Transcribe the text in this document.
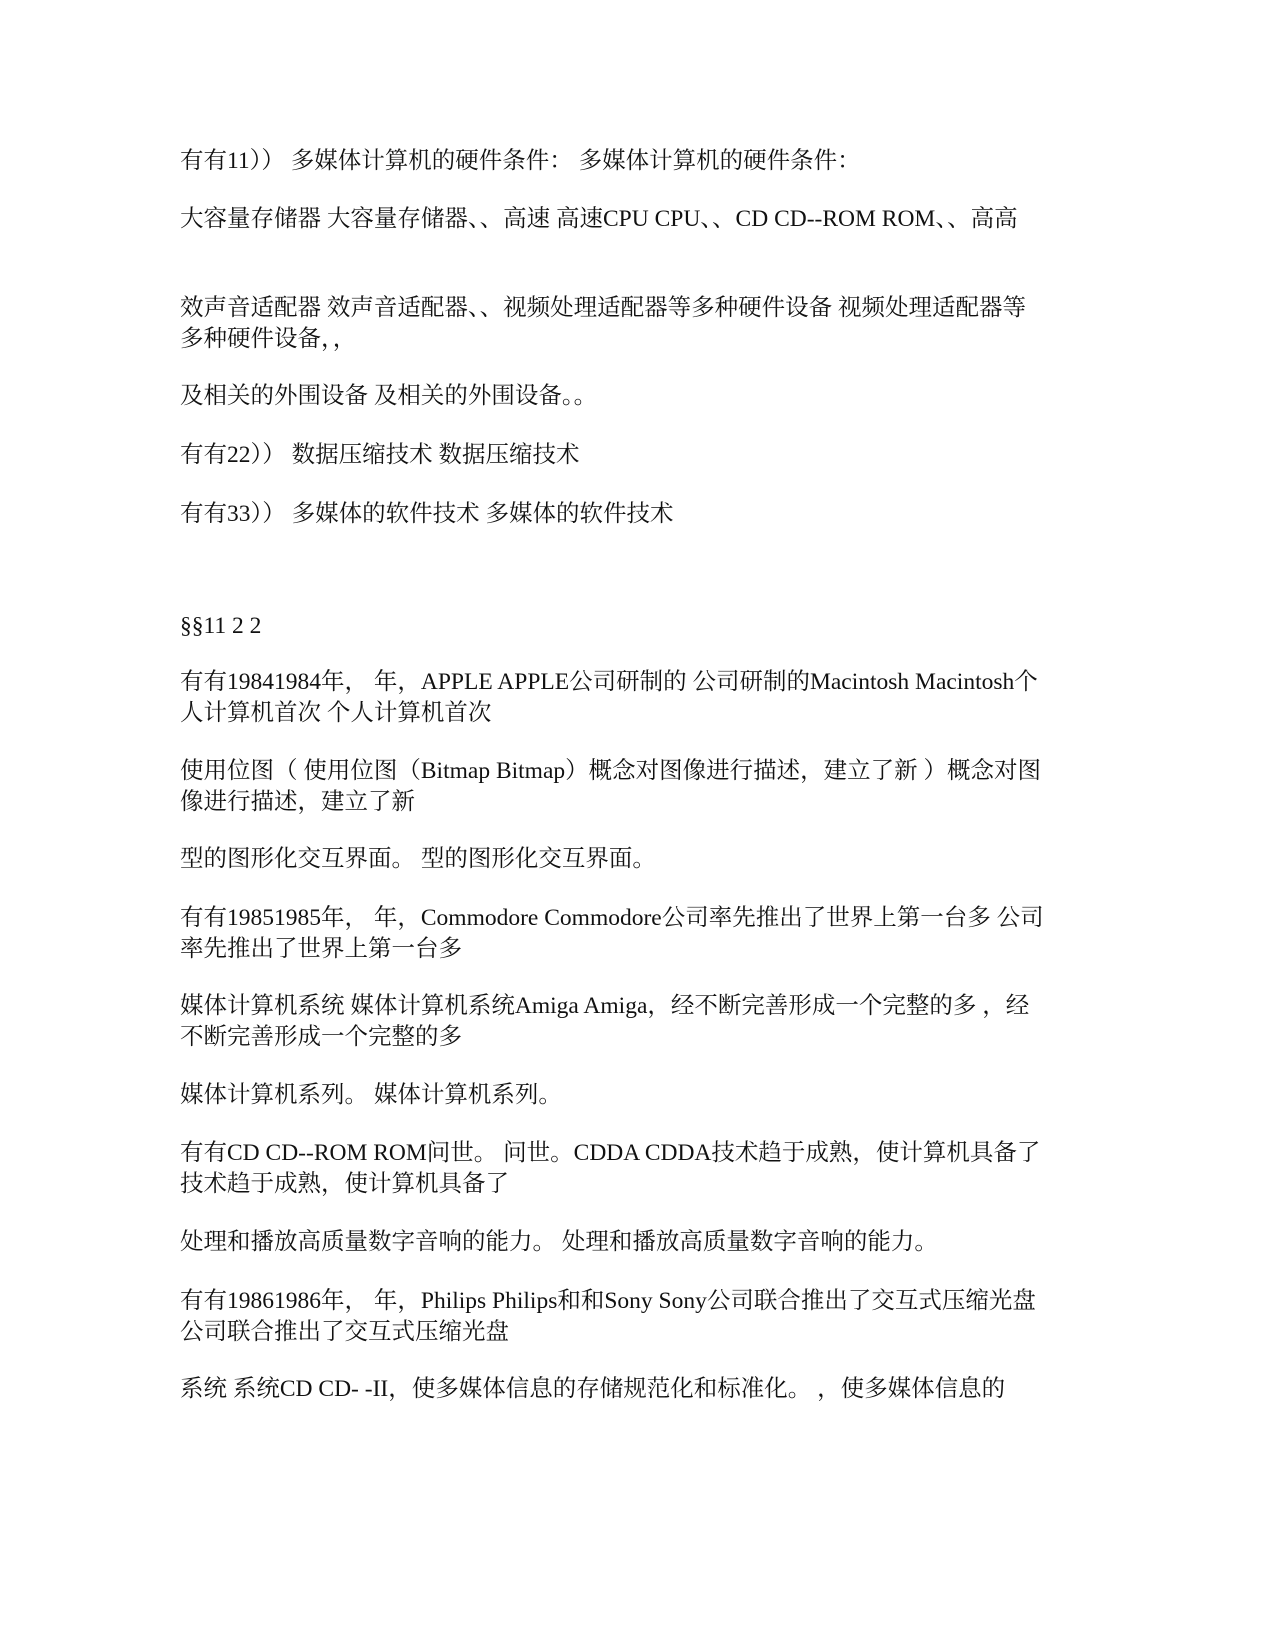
有有11）） 多媒体计算机的硬件条件： 多媒体计算机的硬件条件：
大容量存储器 大容量存储器、、高速 高速CPU CPU、、CD CD--ROM ROM、、高高
效声音适配器 效声音适配器、、视频处理适配器等多种硬件设备 视频处理适配器等多种硬件设备，，
及相关的外围设备 及相关的外围设备。。
有有22）） 数据压缩技术 数据压缩技术
有有33）） 多媒体的软件技术 多媒体的软件技术
§§11 2 2
有有19841984年， 年，APPLE APPLE公司研制的 公司研制的Macintosh Macintosh个人计算机首次 个人计算机首次
使用位图（ 使用位图（Bitmap Bitmap）概念对图像进行描述，建立了新 ）概念对图像进行描述，建立了新
型的图形化交互界面。 型的图形化交互界面。
有有19851985年， 年，Commodore Commodore公司率先推出了世界上第一台多 公司率先推出了世界上第一台多
媒体计算机系统 媒体计算机系统Amiga Amiga，经不断完善形成一个完整的多 ，经不断完善形成一个完整的多
媒体计算机系列。 媒体计算机系列。
有有CD CD--ROM ROM问世。 问世。CDDA CDDA技术趋于成熟，使计算机具备了 技术趋于成熟，使计算机具备了
处理和播放高质量数字音响的能力。 处理和播放高质量数字音响的能力。
有有19861986年， 年，Philips Philips和和Sony Sony公司联合推出了交互式压缩光盘 公司联合推出了交互式压缩光盘
系统 系统CD CD- -II，使多媒体信息的存储规范化和标准化。 ，使多媒体信息的
